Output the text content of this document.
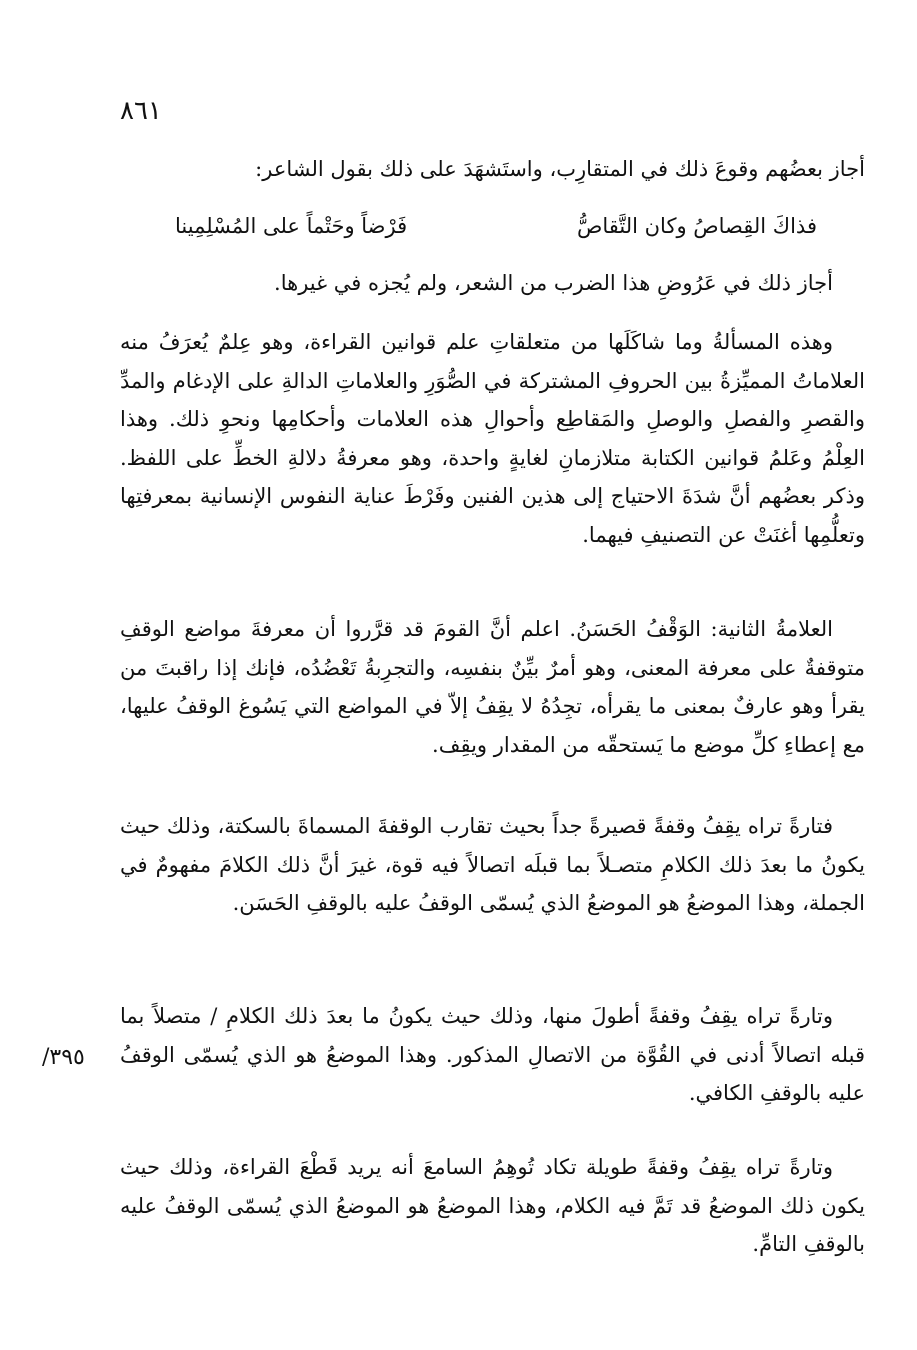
٨٦١

أجاز بعضُهم وقوعَ ذلك في المتقارِب، واستَشهَدَ على ذلك بقول الشاعر:

فذاكَ القِصاصُ وكان التَّقاصُّ
فَرْضاً وحَتْماً على المُسْلِمِينا

أجاز ذلك في عَرُوضِ هذا الضرب من الشعر، ولم يُجزه في غيرها.

وهذه المسألةُ وما شاكَلَها من متعلقاتِ علم قوانين القراءة، وهو عِلمٌ يُعرَفُ منه العلاماتُ المميِّزةُ بين الحروفِ المشتركة في الصُّوَرِ والعلاماتِ الدالةِ على الإدغام والمدِّ والقصرِ والفصلِ والوصلِ والمَقاطِع وأحوالِ هذه العلامات وأحكامِها ونحوِ ذلك. وهذا العِلْمُ وعَلمُ قوانين الكتابة متلازمانِ لغايةٍ واحدة، وهو معرفةُ دلالةِ الخطِّ على اللفظ. وذكر بعضُهم أنَّ شدَةَ الاحتياج إلى هذين الفنين وفَرْطَ عناية النفوس الإنسانية بمعرفتِها وتعلُّمِها أغنَتْ عن التصنيفِ فيهما.

العلامةُ الثانية: الوَقْفُ الحَسَنُ. اعلم أنَّ القومَ قد قرَّروا أن معرفةَ مواضع الوقفِ متوقفةٌ على معرفة المعنى، وهو أمرٌ بيِّنٌ بنفسِه، والتجرِبةُ تَعْضُدُه، فإنك إذا راقبتَ من يقرأ وهو عارفٌ بمعنى ما يقرأه، تجِدُهُ لا يقِفُ إلاّ في المواضع التي يَسُوغ الوقفُ عليها، مع إعطاءِ كلِّ موضع ما يَستحقّه من المقدار ويقِف.

فتارةً تراه يقِفُ وقفةً قصيرةً جداً بحيث تقارب الوقفةَ المسماةَ بالسكتة، وذلك حيث يكونُ ما بعدَ ذلك الكلامِ متصـلاً بما قبلَه اتصالاً فيه قوة، غيرَ أنَّ ذلك الكلامَ مفهومٌ في الجملة، وهذا الموضعُ هو الموضعُ الذي يُسمّى الوقفُ عليه بالوقفِ الحَسَن.

وتارةً تراه يقِفُ وقفةً أطولَ منها، وذلك حيث يكونُ ما بعدَ ذلك الكلامِ / متصلاً بما قبله اتصالاً أدنى في القُوَّة من الاتصالِ المذكور. وهذا الموضعُ هو الذي يُسمّى الوقفُ عليه بالوقفِ الكافي.

٣٩٥/

وتارةً تراه يقِفُ وقفةً طويلة تكاد تُوهِمُ السامعَ أنه يريد قَطْعَ القراءة، وذلك حيث يكون ذلك الموضعُ قد تَمَّ فيه الكلام، وهذا الموضعُ هو الموضعُ الذي يُسمّى الوقفُ عليه بالوقفِ التامِّ.
